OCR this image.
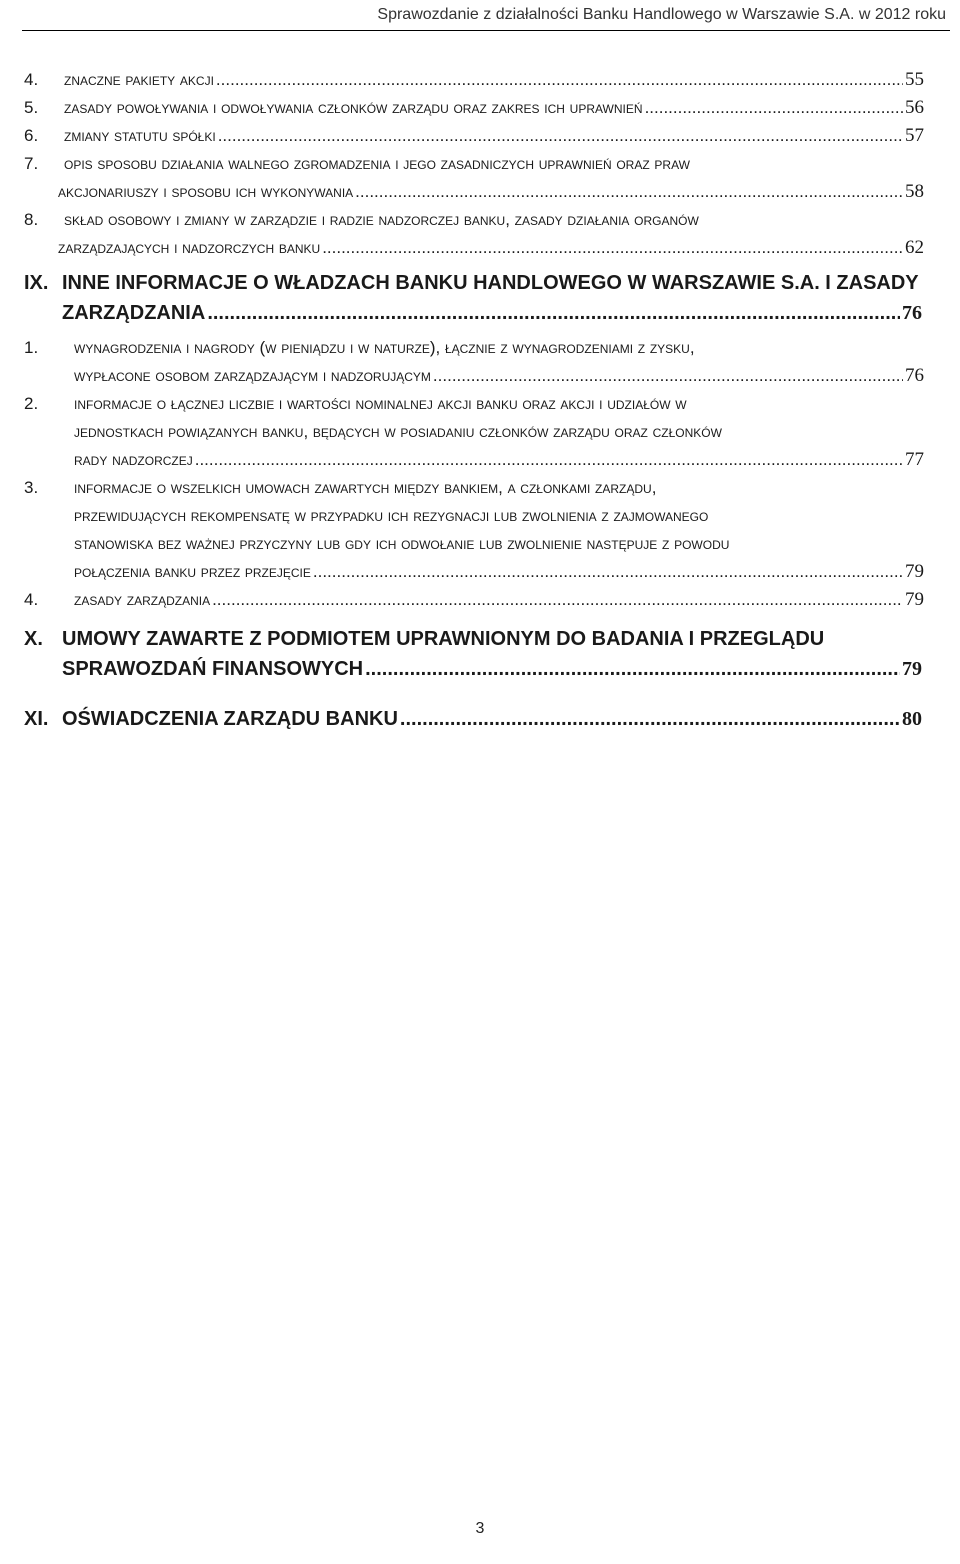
Sprawozdanie z działalności Banku Handlowego w Warszawie S.A. w 2012 roku
4. znaczne pakiety akcji .....	55
5. zasady powoływania i odwoływania członków zarządu oraz zakres ich uprawnień .....	56
6. zmiany statutu spółki .....	57
7. opis sposobu działania walnego zgromadzenia i jego zasadniczych uprawnień oraz praw
akcjonariuszy i sposobu ich wykonywania .....	58
8. skład osobowy i zmiany w zarządzie i radzie nadzorczej banku, zasady działania organów
zarządzających i nadzorczych banku .....	62
IX. INNE INFORMACJE O WŁADZACH BANKU HANDLOWEGO W WARSZAWIE S.A. I ZASADY
ZARZĄDZANIA .....	76
1. wynagrodzenia i nagrody (w pieniądzu i w naturze), łącznie z wynagrodzeniami z zysku,
wypłacone osobom zarządzającym i nadzorującym .....	76
2. informacje o łącznej liczbie i wartości nominalnej akcji banku oraz akcji i udziałów w
jednostkach powiązanych banku, będących w posiadaniu członków zarządu oraz członków
rady nadzorczej .....	77
3. informacje o wszelkich umowach zawartych między bankiem, a członkami zarządu,
przewidujących rekompensatę w przypadku ich rezygnacji lub zwolnienia z zajmowanego
stanowiska bez ważnej przyczyny lub gdy ich odwołanie lub zwolnienie następuje z powodu
połączenia banku przez przejęcie .....	79
4. zasady zarządzania .....	79
X. UMOWY ZAWARTE Z PODMIOTEM UPRAWNIONYM DO BADANIA I PRZEGLĄDU
SPRAWOZDAŃ FINANSOWYCH .....	79
XI. OŚWIADCZENIA ZARZĄDU BANKU .....	80
3
